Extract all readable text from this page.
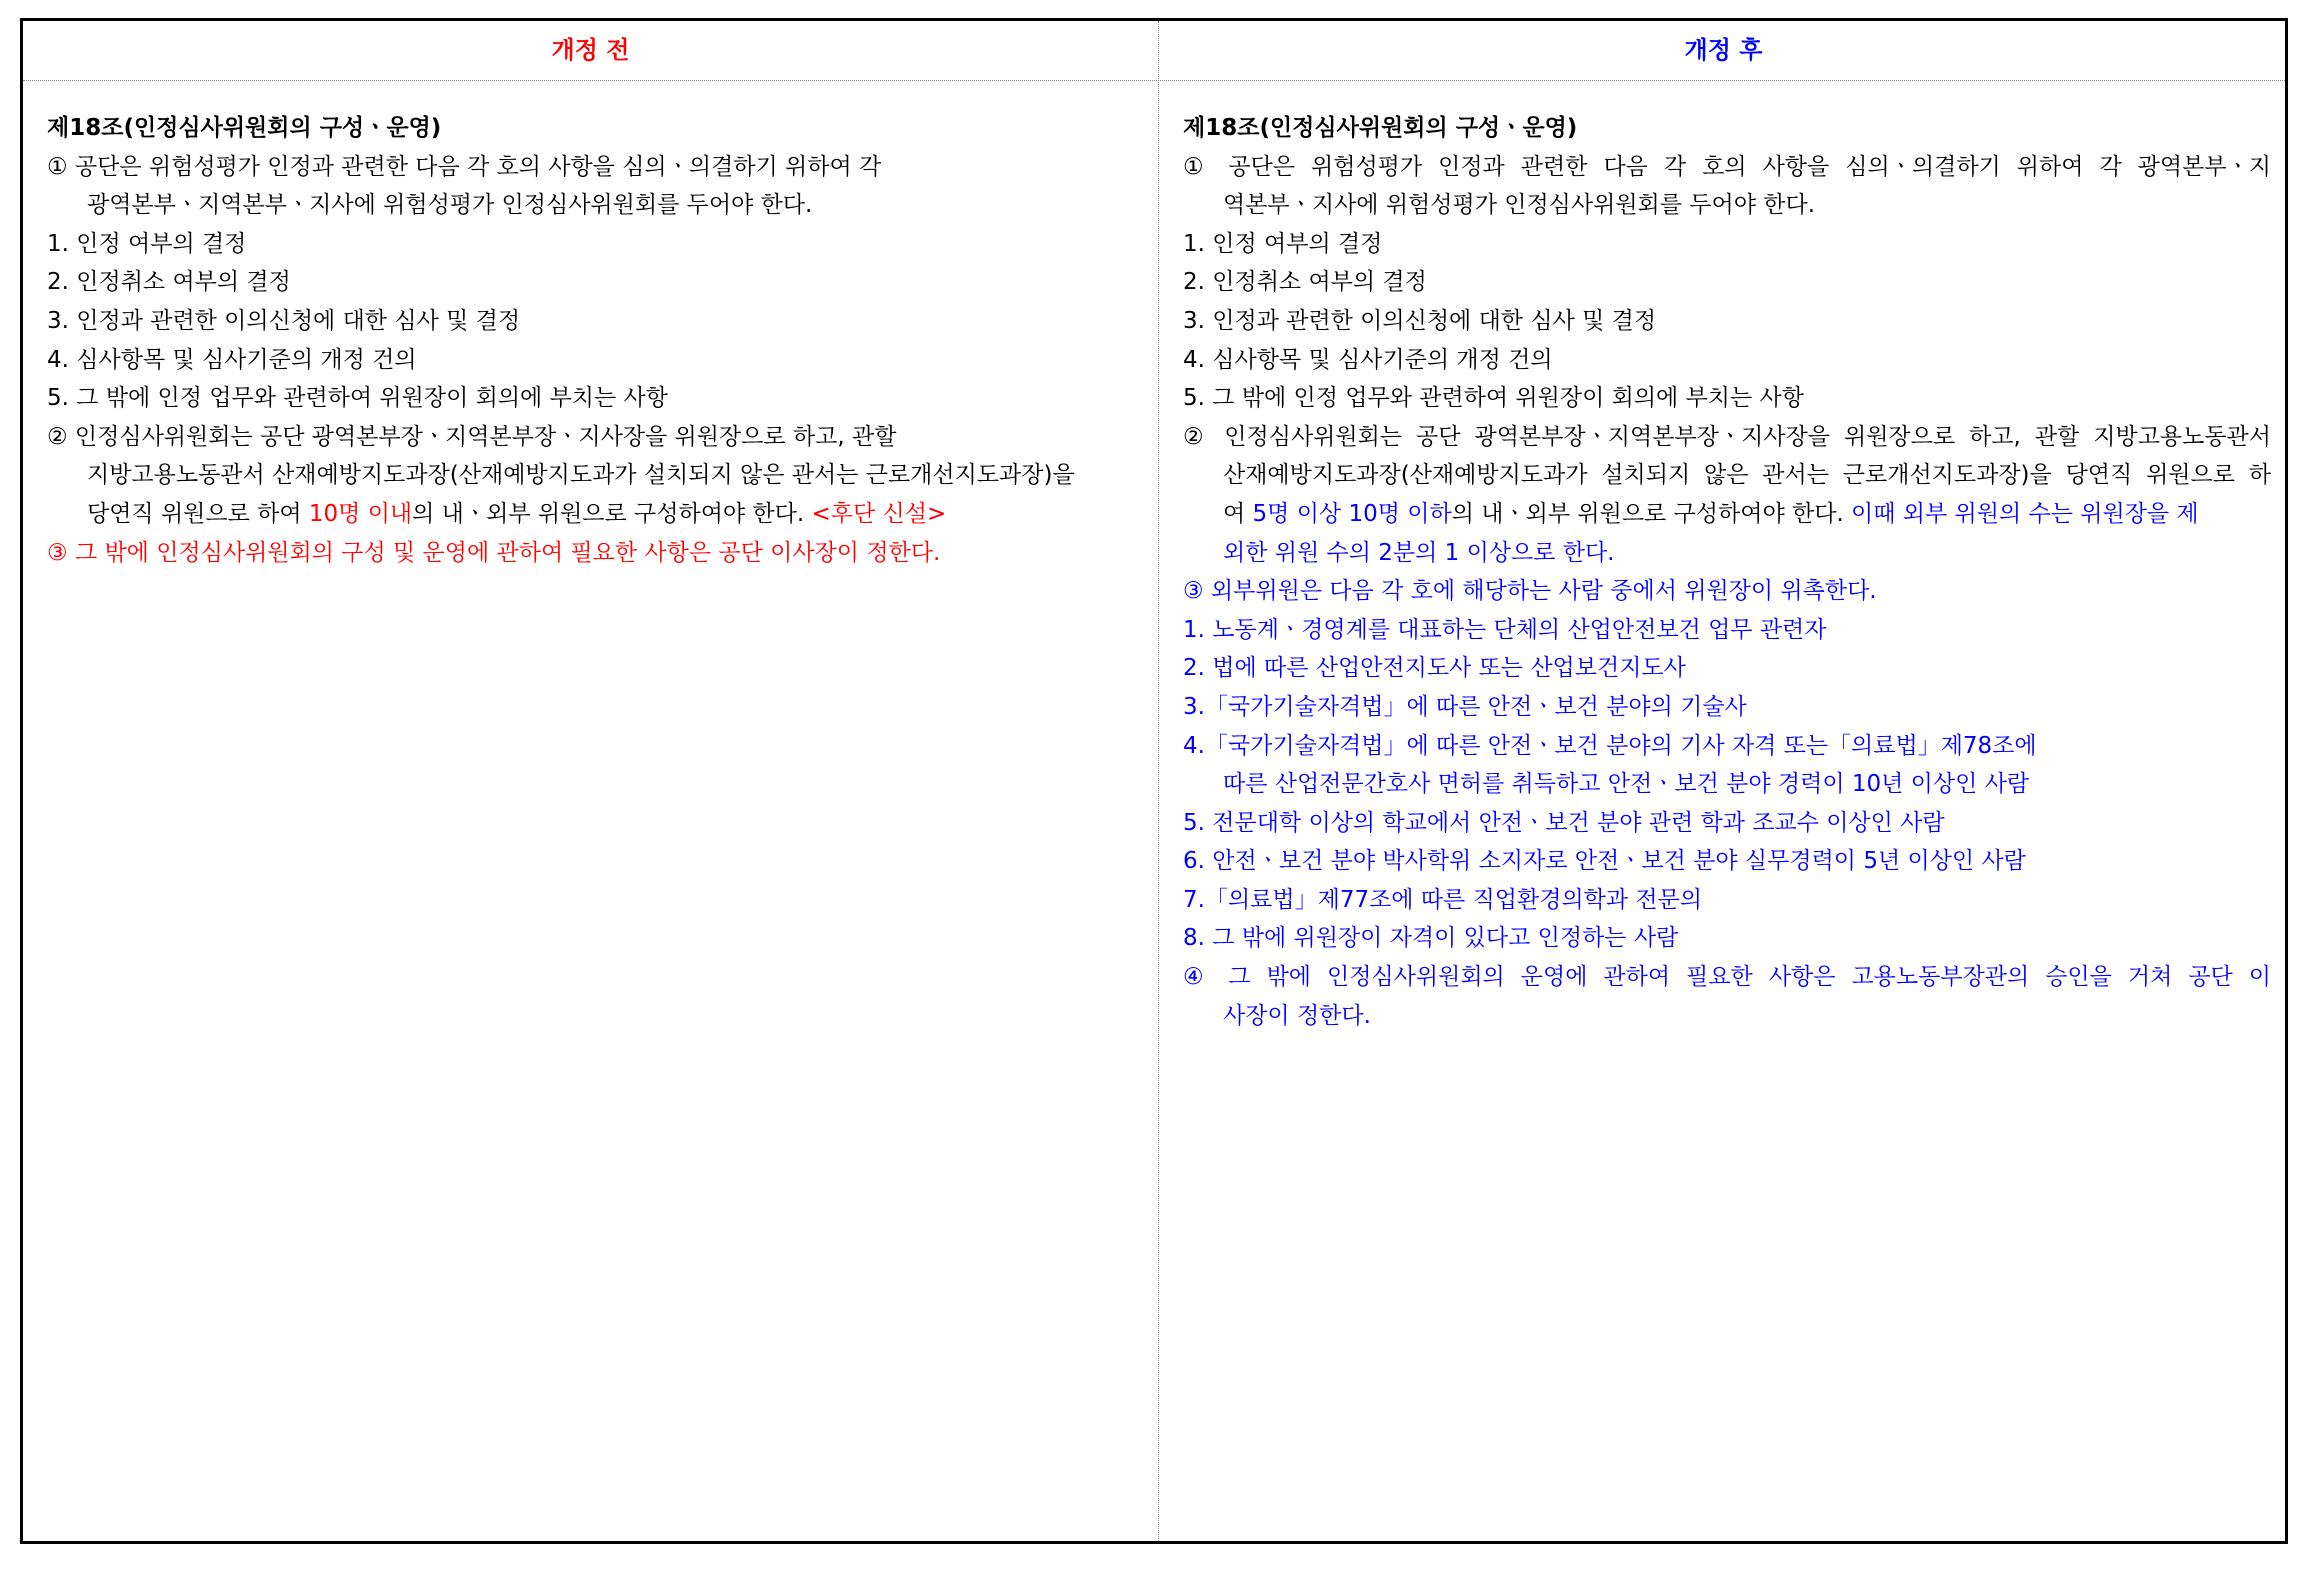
개정 전	개정 후
제18조(인정심사위원회의 구성ㆍ운영)
① 공단은 위험성평가 인정과 관련한 다음 각 호의 사항을 심의ㆍ의결하기 위하여 각
광역본부ㆍ지역본부ㆍ지사에 위험성평가 인정심사위원회를 두어야 한다.
1. 인정 여부의 결정
2. 인정취소 여부의 결정
3. 인정과 관련한 이의신청에 대한 심사 및 결정
4. 심사항목 및 심사기준의 개정 건의
5. 그 밖에 인정 업무와 관련하여 위원장이 회의에 부치는 사항
② 인정심사위원회는 공단 광역본부장ㆍ지역본부장ㆍ지사장을 위원장으로 하고, 관할
지방고용노동관서 산재예방지도과장(산재예방지도과가 설치되지 않은 관서는 근로개선지도과장)을
당연직 위원으로 하여 10명 이내의 내ㆍ외부 위원으로 구성하여야 한다. <후단 신설>
③ 그 밖에 인정심사위원회의 구성 및 운영에 관하여 필요한 사항은 공단 이사장이 정한다.
제18조(인정심사위원회의 구성ㆍ운영)
① 공단은 위험성평가 인정과 관련한 다음 각 호의 사항을 심의ㆍ의결하기 위하여 각 광역본부ㆍ지
역본부ㆍ지사에 위험성평가 인정심사위원회를 두어야 한다.
1. 인정 여부의 결정
2. 인정취소 여부의 결정
3. 인정과 관련한 이의신청에 대한 심사 및 결정
4. 심사항목 및 심사기준의 개정 건의
5. 그 밖에 인정 업무와 관련하여 위원장이 회의에 부치는 사항
② 인정심사위원회는 공단 광역본부장ㆍ지역본부장ㆍ지사장을 위원장으로 하고, 관할 지방고용노동관서
산재예방지도과장(산재예방지도과가 설치되지 않은 관서는 근로개선지도과장)을 당연직 위원으로 하
여 5명 이상 10명 이하의 내ㆍ외부 위원으로 구성하여야 한다. 이때 외부 위원의 수는 위원장을 제
외한 위원 수의 2분의 1 이상으로 한다.
③ 외부위원은 다음 각 호에 해당하는 사람 중에서 위원장이 위촉한다.
1. 노동계ㆍ경영계를 대표하는 단체의 산업안전보건 업무 관련자
2. 법에 따른 산업안전지도사 또는 산업보건지도사
3.「국가기술자격법」에 따른 안전ㆍ보건 분야의 기술사
4.「국가기술자격법」에 따른 안전ㆍ보건 분야의 기사 자격 또는「의료법」제78조에
따른 산업전문간호사 면허를 취득하고 안전ㆍ보건 분야 경력이 10년 이상인 사람
5. 전문대학 이상의 학교에서 안전ㆍ보건 분야 관련 학과 조교수 이상인 사람
6. 안전ㆍ보건 분야 박사학위 소지자로 안전ㆍ보건 분야 실무경력이 5년 이상인 사람
7.「의료법」제77조에 따른 직업환경의학과 전문의
8. 그 밖에 위원장이 자격이 있다고 인정하는 사람
④ 그 밖에 인정심사위원회의 운영에 관하여 필요한 사항은 고용노동부장관의 승인을 거쳐 공단 이
사장이 정한다.
